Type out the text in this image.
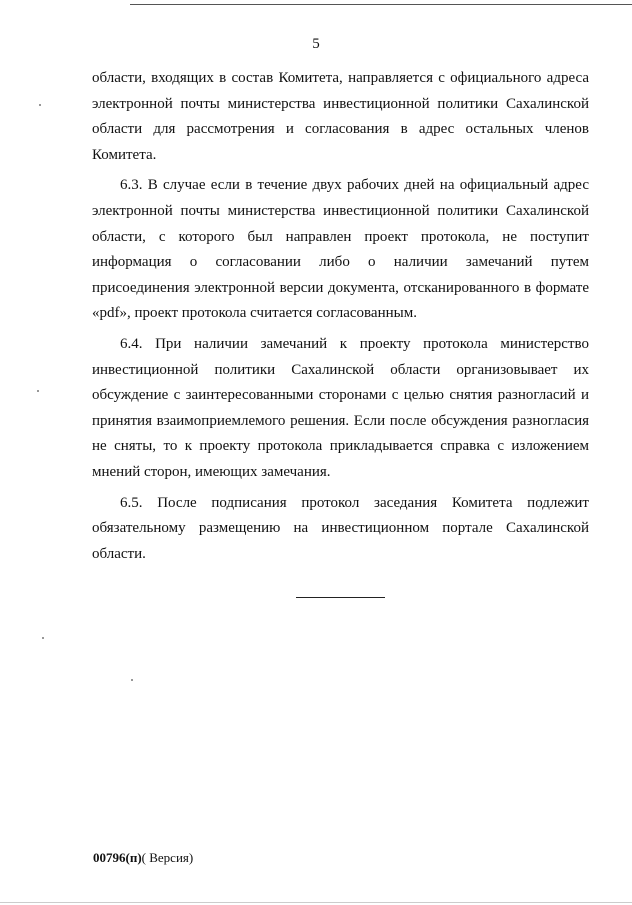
5

области, входящих в состав Комитета, направляется с официального адреса электронной почты министерства инвестиционной политики Сахалинской области для рассмотрения и согласования в адрес остальных членов Комитета.

6.3. В случае если в течение двух рабочих дней на официальный адрес электронной почты министерства инвестиционной политики Сахалинской области, с которого был направлен проект протокола, не поступит информация о согласовании либо о наличии замечаний путем присоединения электронной версии документа, отсканированного в формате «pdf», проект протокола считается согласованным.

6.4. При наличии замечаний к проекту протокола министерство инвестиционной политики Сахалинской области организовывает их обсуждение с заинтересованными сторонами с целью снятия разногласий и принятия взаимоприемлемого решения. Если после обсуждения разногласия не сняты, то к проекту протокола прикладывается справка с изложением мнений сторон, имеющих замечания.

6.5. После подписания протокол заседания Комитета подлежит обязательному размещению на инвестиционном портале Сахалинской области.

00796(п)( Версия)
